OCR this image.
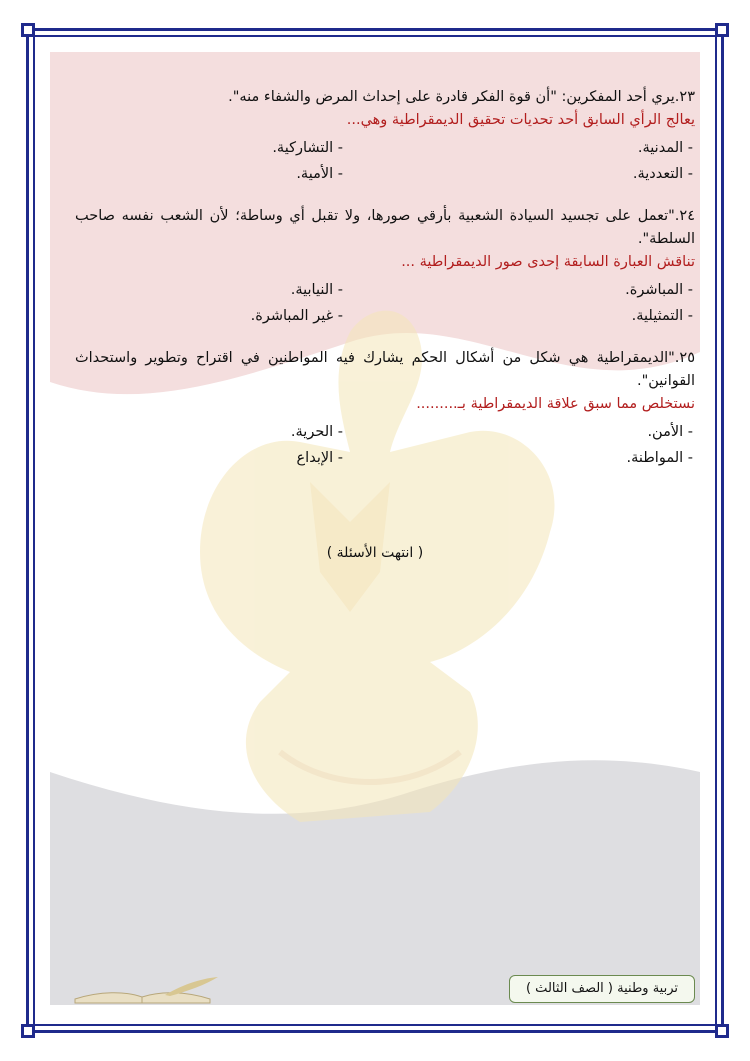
٢٣.يري أحد المفكرين: "أن قوة الفكر قادرة على إحداث المرض والشفاء منه".

يعالج الرأي السابق أحد تحديات تحقيق الديمقراطية وهي...

- المدنية.
- التشاركية.
- التعددية.
- الأمية.

٢٤."تعمل على تجسيد السيادة الشعبية بأرقي صورها، ولا تقبل أي وساطة؛ لأن الشعب نفسه صاحب السلطة".

تناقش العبارة السابقة إحدى صور الديمقراطية ...

- المباشرة.
- النيابية.
- التمثيلية.
- غير المباشرة.

٢٥."الديمقراطية هي شكل من أشكال الحكم يشارك فيه المواطنين في اقتراح وتطوير واستحداث القوانين".

نستخلص مما سبق علاقة الديمقراطية بـ.........

- الأمن.
- الحرية.
- المواطنة.
- الإبداع
( انتهت الأسئلة )
تربية وطنية ( الصف الثالث )
